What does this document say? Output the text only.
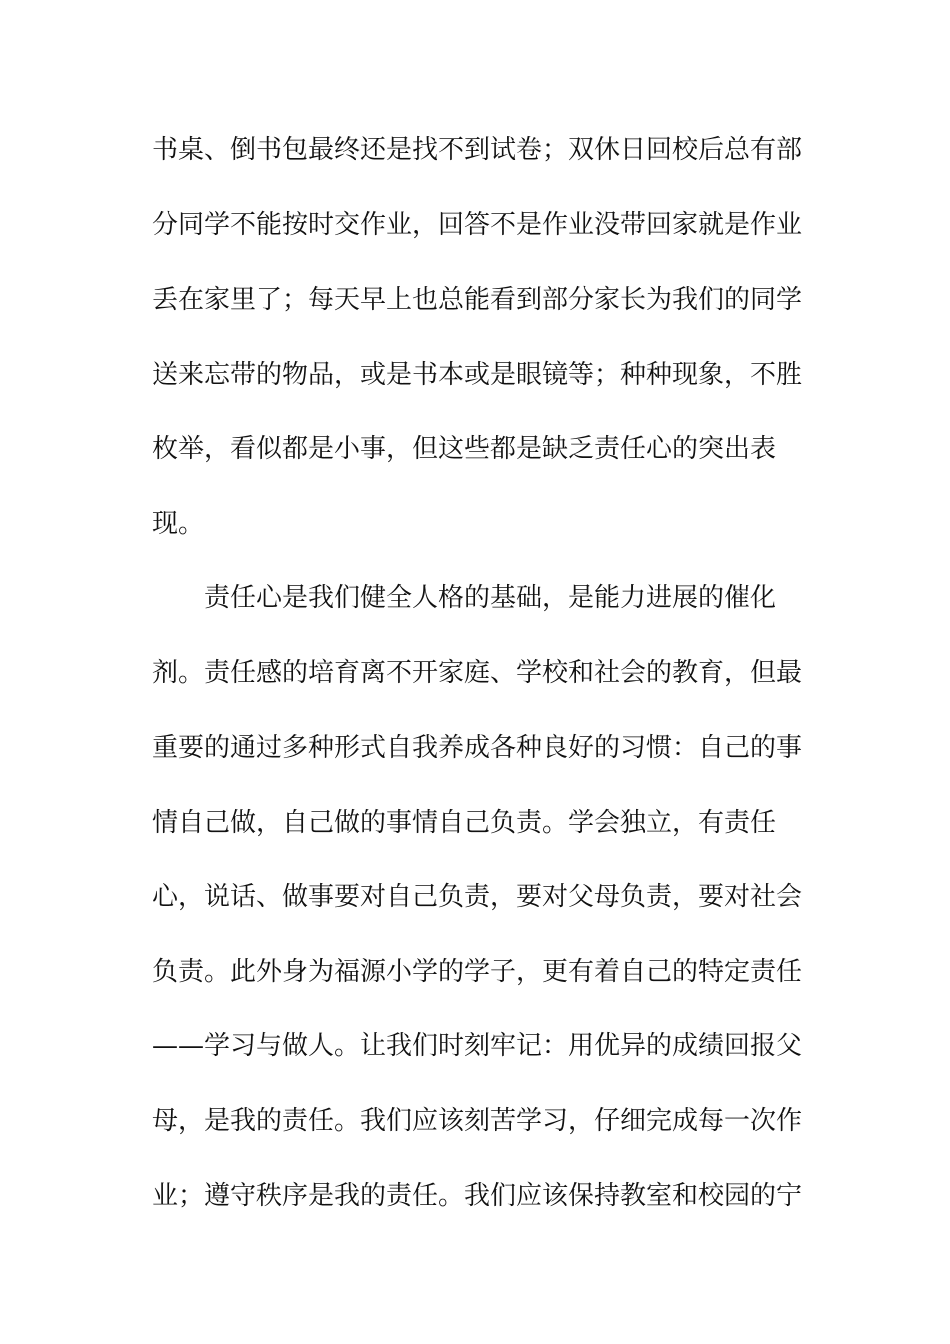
书桌、倒书包最终还是找不到试卷；双休日回校后总有部
分同学不能按时交作业，回答不是作业没带回家就是作业
丢在家里了；每天早上也总能看到部分家长为我们的同学
送来忘带的物品，或是书本或是眼镜等；种种现象，不胜
枚举，看似都是小事，但这些都是缺乏责任心的突出表
现。
责任心是我们健全人格的基础，是能力进展的催化
剂。责任感的培育离不开家庭、学校和社会的教育，但最
重要的通过多种形式自我养成各种良好的习惯：自己的事
情自己做，自己做的事情自己负责。学会独立，有责任
心，说话、做事要对自己负责，要对父母负责，要对社会
负责。此外身为福源小学的学子，更有着自己的特定责任
——学习与做人。让我们时刻牢记：用优异的成绩回报父
母，是我的责任。我们应该刻苦学习，仔细完成每一次作
业；遵守秩序是我的责任。我们应该保持教室和校园的宁
